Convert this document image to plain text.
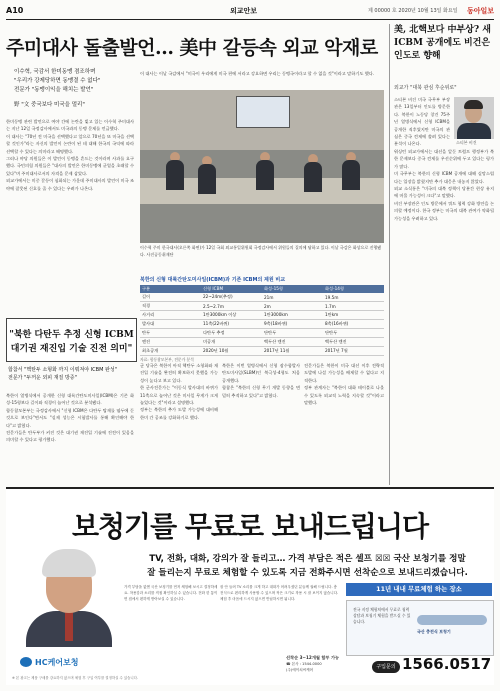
A10	외교안보	제 00000 호 2020년 10월 13일 화요일 동아일보
주미대사 돌출발언… 美中 갈등속 외교 악재로
이수혁, 국감서 한미동맹 겸조하며
"우리가 강제당하면 동맹결 수 없다"
전문가 "동맹이익을 해치는 발언"
野 "文 중국보다 미국을 멀리"
한미동맹 관련 발언으로 여야 간에 논란을 빚고 있는 이수혁 주미대사는 지난 12일 국정감사에서도 미국과의 동맹 문제를 언급했다.
이 대사는 "70년 전 미국을 선택했다고 앞으로 70년을 또 미국을 선택할 것인가"라는 자신의 발언이 논란이 된 데 대해 한국의 국익에 따라 선택할 수 있다는 의미라고 해명했다.
그러나 야당 의원들은 이 발언이 동맹을 흔드는 것이라며 사과를 요구했다. 국민의힘 의원들은 "대사의 발언은 한미동맹에 균열을 초래할 수 있다"며 주미대사로서의 자격을 문제 삼았다.
외교가에서는 미중 갈등이 심화되는 가운데 주미대사의 발언이 미국 조야에 잘못된 신호를 줄 수 있다는 우려가 나온다.
이 대사는 이날 국감에서 "미국이 우리에게 미국 편에 서라고 강요하면 우리는 동맹국이라고 할 수 없을 것"이라고 말하기도 했다.
이수혁 주미 한국대사(오른쪽 화면)가 12일 국회 외교통일위원회 국정감사에서 위원들의 질의에 답하고 있다. 이날 국감은 화상으로 진행됐다. 사진공동취재단
美, 北핵보다 中부상? 새 ICBM 공개에도 비건은 인도로 향해
외교가 "대북 관심 후순위로"
스티븐 비건 미국 국무부 부장관은 13일부터 인도를 방문한다. 북한이 노동당 창건 75주년 열병식에서 신형 ICBM을 공개한 직후였지만 미국의 관심은 중국 견제에 쏠려 있다는 분석이 나온다.	스티븐 비건
워싱턴 외교가에서는 대선을 앞둔 트럼프 행정부가 북한 문제보다 중국 견제를 우선순위에 두고 있다는 평가가 많다.
미 국무부는 북한의 신형 ICBM 공개에 대해 실망스럽다는 입장을 밝혔지만 추가 대응은 내놓지 않았다.
외교 소식통은 "미국의 대북 정책이 당분간 현상 유지에 머물 가능성이 크다"고 말했다.
비건 부장관은 인도 방문에서 쿼드 협력 강화 방안을 논의할 예정이다. 한국 정부는 미국의 대북 관여가 약화될 가능성을 우려하고 있다.
"북한 다탄두 추정 신형 ICBM
대기권 재진입 기술 진전 의미"
합참서 "핵탄두 소형화 까지 이뤄져야 ICBM 완성"
전문가 "두꺼운 외피 재질 방증"
북한이 열병식에서 공개한 신형 대륙간탄도미사일(ICBM)은 기존 화성-15형보다 길이와 직경이 늘어난 것으로 분석됐다.
합동참모본부는 국정감사에서 "신형 ICBM은 다탄두 탑재를 염두에 둔 것으로 보인다"면서도 "실제 성능은 시험발사를 통해 확인해야 한다"고 밝혔다.
전문가들은 탄두부가 커진 것은 대기권 재진입 기술에 진전이 있음을 의미할 수 있다고 평가했다.
북한의 신형 대륙간탄도미사일(ICBM)과 기존 ICBM의 제원 비교
구분	신형 ICBM	화성-15형	화성-14형
길이	22~24m(추정)	21m	19.5m
직경	2.5~2.7m	2m	1.7m
사거리	1만3000km 이상	1만3000km	1만km
발사대	11축(22바퀴)	9축(18바퀴)	8축(16바퀴)
탄두	다탄두 추정	단탄두	단탄두
엔진	미공개	백두산 엔진	백두산 엔진
최초공개	2020년 10월	2017년 11월	2017년 7월
자료: 합동참모본부, 전문가 분석
군 당국은 북한이 아직 핵탄두 소형화와 재진입 기술을 완전히 확보하지 못했을 가능성이 높다고 보고 있다.
한 군사전문가는 "이동식 발사대의 바퀴가 11축으로 늘어난 것은 미사일 무게가 크게 늘었다는 것"이라고 설명했다.
정부는 북한의 추가 도발 가능성에 대비해 한미 간 공조를 강화하기로 했다.
북한은 이번 열병식에서 신형 잠수함발사탄도미사일(SLBM)인 북극성-4형도 처음 공개했다.
합참은 "북한의 신형 무기 개발 동향을 면밀히 추적하고 있다"고 밝혔다.
전문가들은 북한이 미국 대선 이후 전략적 도발에 나설 가능성을 배제할 수 없다고 지적한다.
정부 관계자는 "북한이 대화 테이블로 나올 수 있도록 외교적 노력을 지속할 것"이라고 말했다.
보청기를 무료로 보내드립니다
TV, 전화, 대화, 강의가 잘 들리고… 가격 부담은 적은 셀프 ☒☒ 국산 보청기를 정말
잘 들리는지 무료로 체험할 수 있도록 지금 전화주시면 선착순으로 보내드리겠습니다.
HC케어보청
가격 부담을 없앤 국산 보청기를 먼저 체험해 보시고 결정하세요. 착용감과 소리를 직접 확인하실 수 있습니다. 전화 한 통이면 집에서 편하게 받아보실 수 있습니다.
잘 안 들려 TV 소리를 크게 하고 대화가 어려우셨던 분들께 권해 드립니다. 충전식으로 편리하게 사용할 수 있으며 작은 크기로 착용 시 잘 보이지 않습니다. 체험 후 마음에 드시지 않으면 반납하시면 됩니다.
11년 내내 무료체험 하는 장소
전국 지정 체험처에서 무료로 청력 상담과 보청기 체험을 받으실 수 있습니다.
국산 충전식 보청기
선착순 3~12개월 할부 가능
☎ 본사 : 1544-0000
(주)에이치씨케어	구입문의 1566.0517
※ 본 광고는 제품 구매를 강요하지 않으며 체험 후 구입 여부를 결정하실 수 있습니다.
